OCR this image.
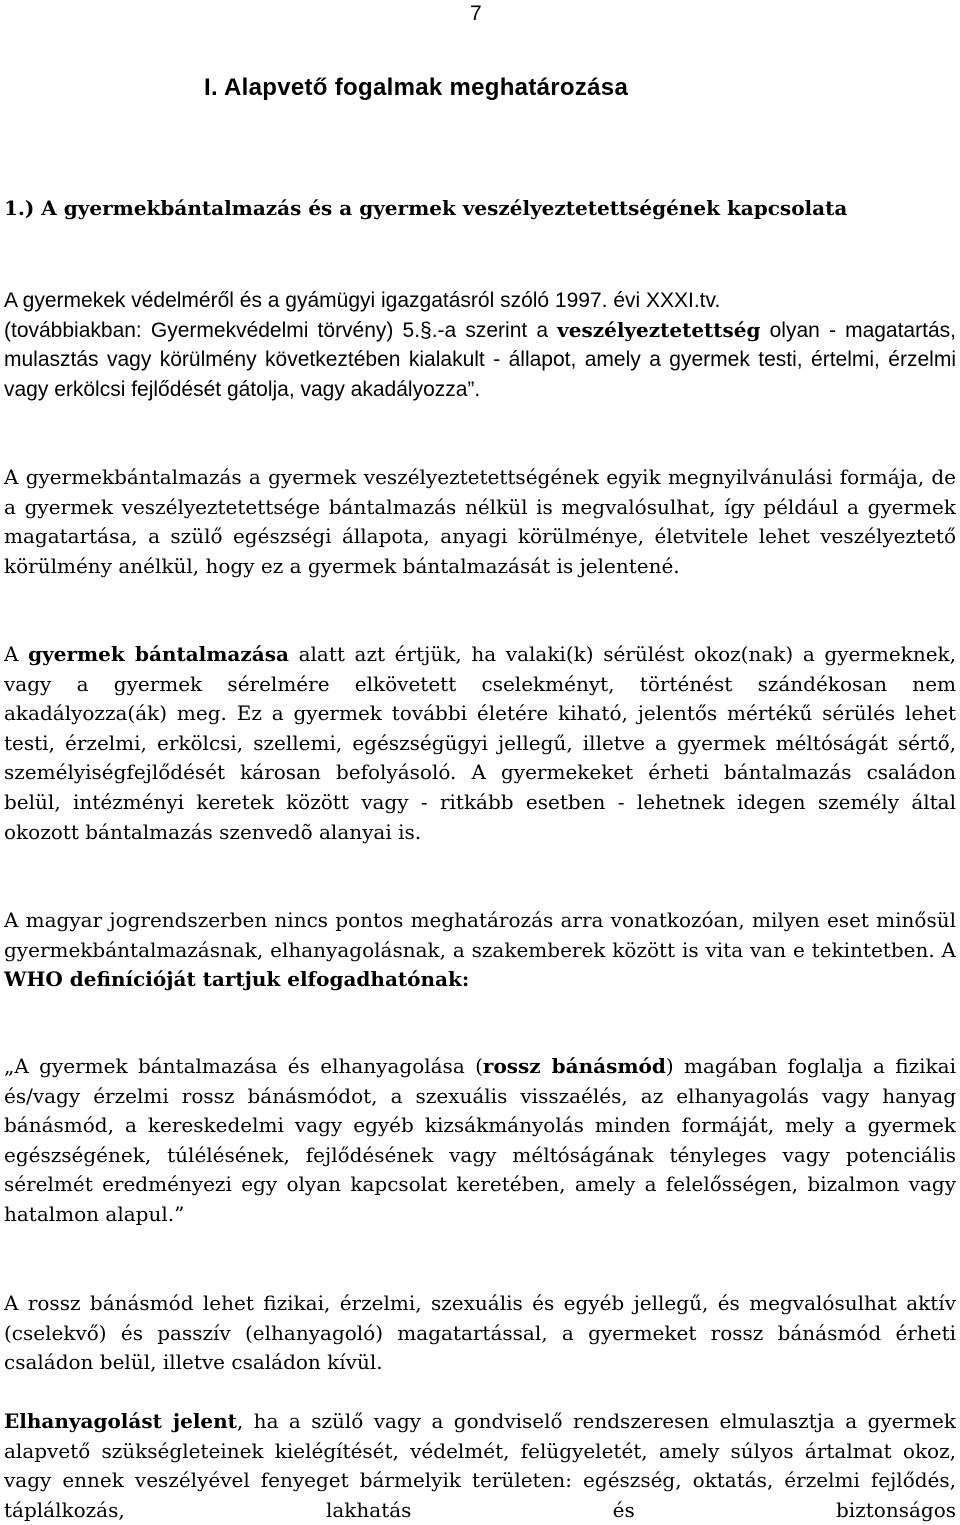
7
I. Alapvető fogalmak meghatározása
1.) A gyermekbántalmazás és a gyermek veszélyeztetettségének kapcsolata

A gyermekek védelméről és a gyámügyi igazgatásról szóló 1997. évi XXXI.tv.
(továbbiakban: Gyermekvédelmi törvény) 5.§.-a szerint a veszélyeztetettség olyan - magatartás, mulasztás vagy körülmény következtében kialakult - állapot, amely a gyermek testi, értelmi, érzelmi vagy erkölcsi fejlődését gátolja, vagy akadályozza”.

A gyermekbántalmazás a gyermek veszélyeztetettségének egyik megnyilvánulási formája, de a gyermek veszélyeztetettsége bántalmazás nélkül is megvalósulhat, így például a gyermek magatartása, a szülő egészségi állapota, anyagi körülménye, életvitele lehet veszélyeztető körülmény anélkül, hogy ez a gyermek bántalmazását is jelentené.

A gyermek bántalmazása alatt azt értjük, ha valaki(k) sérülést okoz(nak) a gyermeknek, vagy a gyermek sérelmére elkövetett cselekményt, történést szándékosan nem akadályozza(ák) meg. Ez a gyermek további életére kiható, jelentős mértékű sérülés lehet testi, érzelmi, erkölcsi, szellemi, egészségügyi jellegű, illetve a gyermek méltóságát sértő, személyiségfejlődését károsan befolyásoló. A gyermekeket érheti bántalmazás családon belül, intézményi keretek között vagy - ritkább esetben - lehetnek idegen személy által okozott bántalmazás szenvedõ alanyai is.

A magyar jogrendszerben nincs pontos meghatározás arra vonatkozóan, milyen eset minősül gyermekbántalmazásnak, elhanyagolásnak, a szakemberek között is vita van e tekintetben. A WHO definícióját tartjuk elfogadhatónak:

„A gyermek bántalmazása és elhanyagolása (rossz bánásmód) magában foglalja a fizikai és/vagy érzelmi rossz bánásmódot, a szexuális visszaélés, az elhanyagolás vagy hanyag bánásmód, a kereskedelmi vagy egyéb kizsákmányolás minden formáját, mely a gyermek egészségének, túlélésének, fejlődésének vagy méltóságának tényleges vagy potenciális sérelmét eredményezi egy olyan kapcsolat keretében, amely a felelősségen, bizalmon vagy hatalmon alapul.”

A rossz bánásmód lehet fizikai, érzelmi, szexuális és egyéb jellegű, és megvalósulhat aktív (cselekvő) és passzív (elhanyagoló) magatartással, a gyermeket rossz bánásmód érheti családon belül, illetve családon kívül.

Elhanyagolást jelent, ha a szülő vagy a gondviselő rendszeresen elmulasztja a gyermek alapvető szükségleteinek kielégítését, védelmét, felügyeletét, amely súlyos ártalmat okoz, vagy ennek veszélyével fenyeget bármelyik területen: egészség, oktatás, érzelmi fejlődés, táplálkozás, lakhatás és biztonságos
